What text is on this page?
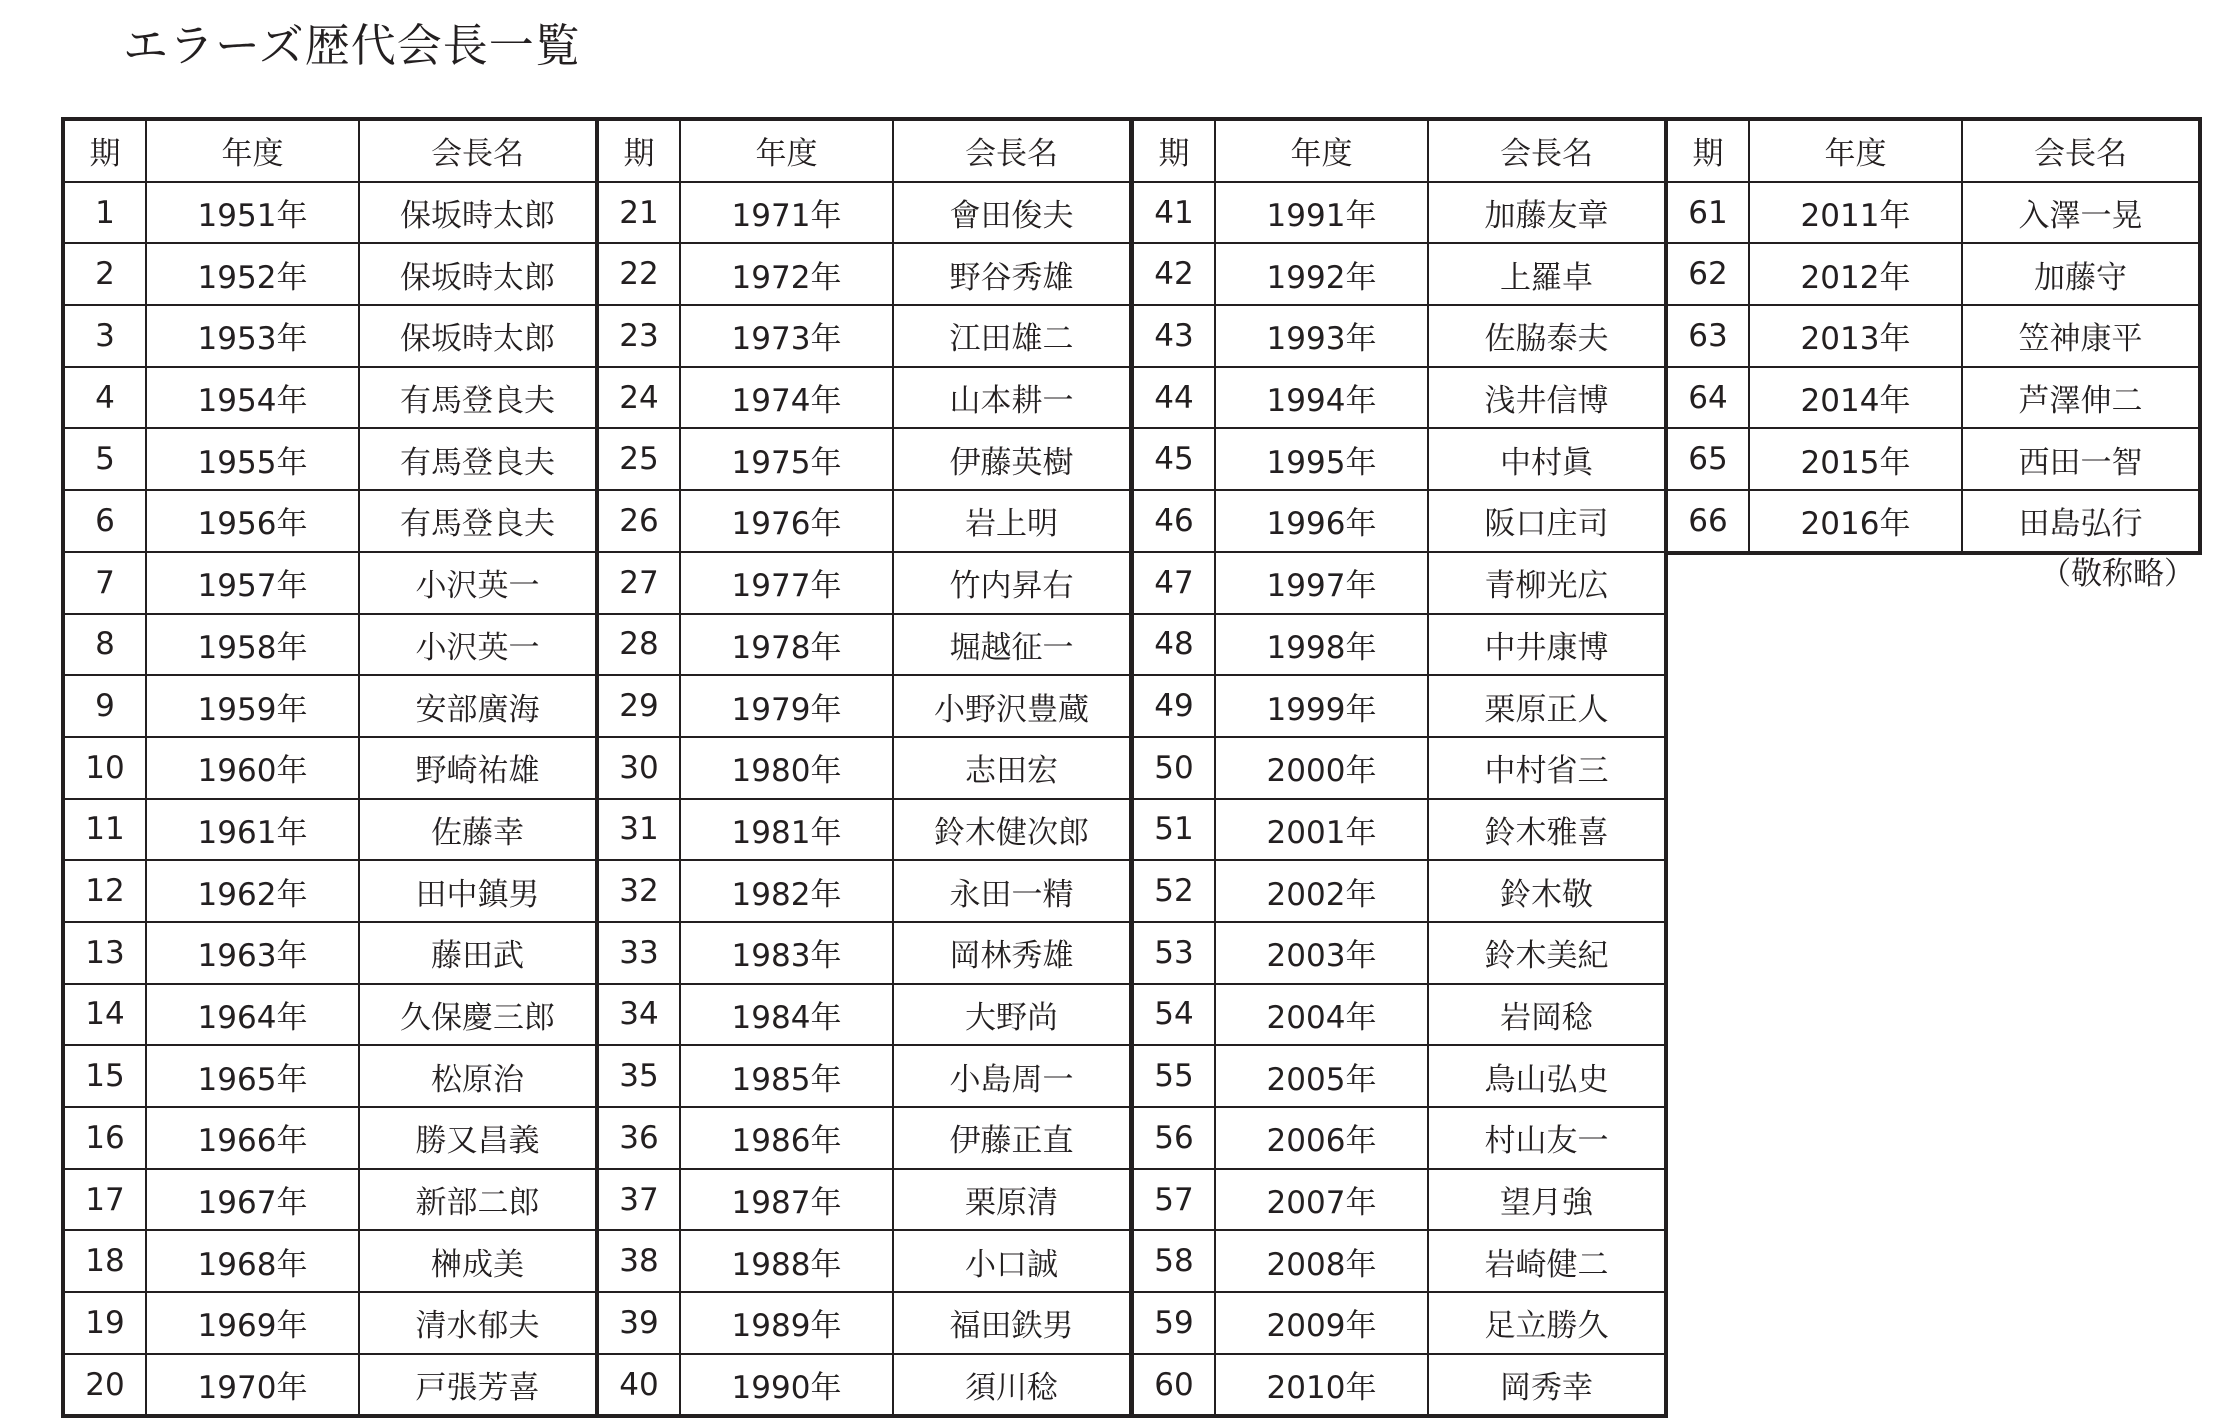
エラーズ歴代会長一覧
期	年度	会長名
1	1951年	保坂時太郎
2	1952年	保坂時太郎
3	1953年	保坂時太郎
4	1954年	有馬登良夫
5	1955年	有馬登良夫
6	1956年	有馬登良夫
7	1957年	小沢英一
8	1958年	小沢英一
9	1959年	安部廣海
10	1960年	野崎祐雄
11	1961年	佐藤幸
12	1962年	田中鎮男
13	1963年	藤田武
14	1964年	久保慶三郎
15	1965年	松原治
16	1966年	勝又昌義
17	1967年	新部二郎
18	1968年	榊成美
19	1969年	清水郁夫
20	1970年	戸張芳喜
期	年度	会長名
21	1971年	會田俊夫
22	1972年	野谷秀雄
23	1973年	江田雄二
24	1974年	山本耕一
25	1975年	伊藤英樹
26	1976年	岩上明
27	1977年	竹内昇右
28	1978年	堀越征一
29	1979年	小野沢豊蔵
30	1980年	志田宏
31	1981年	鈴木健次郎
32	1982年	永田一精
33	1983年	岡林秀雄
34	1984年	大野尚
35	1985年	小島周一
36	1986年	伊藤正直
37	1987年	栗原清
38	1988年	小口誠
39	1989年	福田鉄男
40	1990年	須川稔
期	年度	会長名
41	1991年	加藤友章
42	1992年	上羅卓
43	1993年	佐脇泰夫
44	1994年	浅井信博
45	1995年	中村眞
46	1996年	阪口庄司
47	1997年	青柳光広
48	1998年	中井康博
49	1999年	栗原正人
50	2000年	中村省三
51	2001年	鈴木雅喜
52	2002年	鈴木敬
53	2003年	鈴木美紀
54	2004年	岩岡稔
55	2005年	鳥山弘史
56	2006年	村山友一
57	2007年	望月強
58	2008年	岩崎健二
59	2009年	足立勝久
60	2010年	岡秀幸
期	年度	会長名
61	2011年	入澤一晃
62	2012年	加藤守
63	2013年	笠神康平
64	2014年	芦澤伸二
65	2015年	西田一智
66	2016年	田島弘行
（敬称略）
